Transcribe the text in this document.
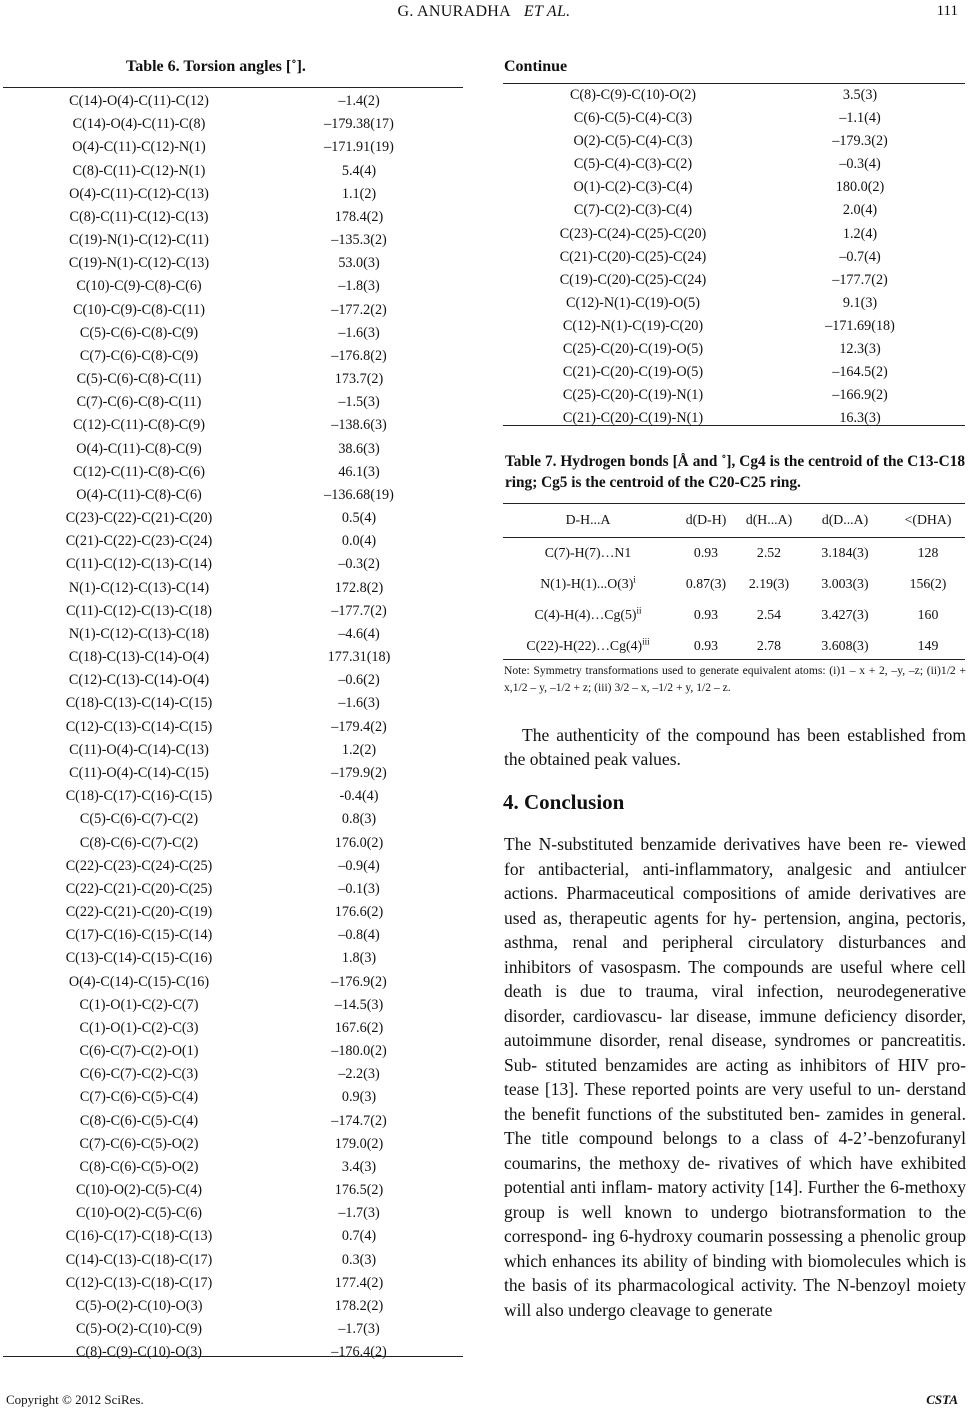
G. ANURADHA ET AL.	111
Table 6. Torsion angles [˚].
C(14)-O(4)-C(11)-C(12)	–1.4(2)
C(14)-O(4)-C(11)-C(8)	–179.38(17)
O(4)-C(11)-C(12)-N(1)	–171.91(19)
C(8)-C(11)-C(12)-N(1)	5.4(4)
O(4)-C(11)-C(12)-C(13)	1.1(2)
C(8)-C(11)-C(12)-C(13)	178.4(2)
C(19)-N(1)-C(12)-C(11)	–135.3(2)
C(19)-N(1)-C(12)-C(13)	53.0(3)
C(10)-C(9)-C(8)-C(6)	–1.8(3)
C(10)-C(9)-C(8)-C(11)	–177.2(2)
C(5)-C(6)-C(8)-C(9)	–1.6(3)
C(7)-C(6)-C(8)-C(9)	–176.8(2)
C(5)-C(6)-C(8)-C(11)	173.7(2)
C(7)-C(6)-C(8)-C(11)	–1.5(3)
C(12)-C(11)-C(8)-C(9)	–138.6(3)
O(4)-C(11)-C(8)-C(9)	38.6(3)
C(12)-C(11)-C(8)-C(6)	46.1(3)
O(4)-C(11)-C(8)-C(6)	–136.68(19)
C(23)-C(22)-C(21)-C(20)	0.5(4)
C(21)-C(22)-C(23)-C(24)	0.0(4)
C(11)-C(12)-C(13)-C(14)	–0.3(2)
N(1)-C(12)-C(13)-C(14)	172.8(2)
C(11)-C(12)-C(13)-C(18)	–177.7(2)
N(1)-C(12)-C(13)-C(18)	–4.6(4)
C(18)-C(13)-C(14)-O(4)	177.31(18)
C(12)-C(13)-C(14)-O(4)	–0.6(2)
C(18)-C(13)-C(14)-C(15)	–1.6(3)
C(12)-C(13)-C(14)-C(15)	–179.4(2)
C(11)-O(4)-C(14)-C(13)	1.2(2)
C(11)-O(4)-C(14)-C(15)	–179.9(2)
C(18)-C(17)-C(16)-C(15)	-0.4(4)
C(5)-C(6)-C(7)-C(2)	0.8(3)
C(8)-C(6)-C(7)-C(2)	176.0(2)
C(22)-C(23)-C(24)-C(25)	–0.9(4)
C(22)-C(21)-C(20)-C(25)	–0.1(3)
C(22)-C(21)-C(20)-C(19)	176.6(2)
C(17)-C(16)-C(15)-C(14)	–0.8(4)
C(13)-C(14)-C(15)-C(16)	1.8(3)
O(4)-C(14)-C(15)-C(16)	–176.9(2)
C(1)-O(1)-C(2)-C(7)	–14.5(3)
C(1)-O(1)-C(2)-C(3)	167.6(2)
C(6)-C(7)-C(2)-O(1)	–180.0(2)
C(6)-C(7)-C(2)-C(3)	–2.2(3)
C(7)-C(6)-C(5)-C(4)	0.9(3)
C(8)-C(6)-C(5)-C(4)	–174.7(2)
C(7)-C(6)-C(5)-O(2)	179.0(2)
C(8)-C(6)-C(5)-O(2)	3.4(3)
C(10)-O(2)-C(5)-C(4)	176.5(2)
C(10)-O(2)-C(5)-C(6)	–1.7(3)
C(16)-C(17)-C(18)-C(13)	0.7(4)
C(14)-C(13)-C(18)-C(17)	0.3(3)
C(12)-C(13)-C(18)-C(17)	177.4(2)
C(5)-O(2)-C(10)-O(3)	178.2(2)
C(5)-O(2)-C(10)-C(9)	–1.7(3)
C(8)-C(9)-C(10)-O(3)	–176.4(2)
Continue
C(8)-C(9)-C(10)-O(2)	3.5(3)
C(6)-C(5)-C(4)-C(3)	–1.1(4)
O(2)-C(5)-C(4)-C(3)	–179.3(2)
C(5)-C(4)-C(3)-C(2)	–0.3(4)
O(1)-C(2)-C(3)-C(4)	180.0(2)
C(7)-C(2)-C(3)-C(4)	2.0(4)
C(23)-C(24)-C(25)-C(20)	1.2(4)
C(21)-C(20)-C(25)-C(24)	–0.7(4)
C(19)-C(20)-C(25)-C(24)	–177.7(2)
C(12)-N(1)-C(19)-O(5)	9.1(3)
C(12)-N(1)-C(19)-C(20)	–171.69(18)
C(25)-C(20)-C(19)-O(5)	12.3(3)
C(21)-C(20)-C(19)-O(5)	–164.5(2)
C(25)-C(20)-C(19)-N(1)	–166.9(2)
C(21)-C(20)-C(19)-N(1)	16.3(3)
Table 7. Hydrogen bonds [Å and ˚], Cg4 is the centroid of the C13-C18 ring; Cg5 is the centroid of the C20-C25 ring.
D-H...A	d(D-H)	d(H...A)	d(D...A)	<(DHA)
C(7)-H(7)…N1	0.93	2.52	3.184(3)	128
$N(1)-H(1)...O(3)^i$	0.87(3)	2.19(3)	3.003(3)	156(2)
$C(4)-H(4)\dots Cg(5)^{ii}$	0.93	2.54	3.427(3)	160
$C(22)-H(22)\dots Cg(4)^{iii}$	0.93	2.78	3.608(3)	149
Note: Symmetry transformations used to generate equivalent atoms: (i)1 – x + 2, –y, –z; (ii)1/2 + x,1/2 – y, –1/2 + z; (iii) 3/2 – x, –1/2 + y, 1/2 – z.
The authenticity of the compound has been established from the obtained peak values.
4. Conclusion
The N-substituted benzamide derivatives have been re- viewed for antibacterial, anti-inflammatory, analgesic and antiulcer actions. Pharmaceutical compositions of amide derivatives are used as, therapeutic agents for hy- pertension, angina, pectoris, asthma, renal and peripheral circulatory disturbances and inhibitors of vasospasm. The compounds are useful where cell death is due to trauma, viral infection, neurodegenerative disorder, cardiovascu- lar disease, immune deficiency disorder, autoimmune disorder, renal disease, syndromes or pancreatitis. Sub- stituted benzamides are acting as inhibitors of HIV pro- tease [13]. These reported points are very useful to un- derstand the benefit functions of the substituted ben- zamides in general. The title compound belongs to a class of 4-2’-benzofuranyl coumarins, the methoxy de- rivatives of which have exhibited potential anti inflam- matory activity [14]. Further the 6-methoxy group is well known to undergo biotransformation to the correspond- ing 6-hydroxy coumarin possessing a phenolic group which enhances its ability of binding with biomolecules which is the basis of its pharmacological activity. The N-benzoyl moiety will also undergo cleavage to generate
Copyright © 2012 SciRes.	CSTA
